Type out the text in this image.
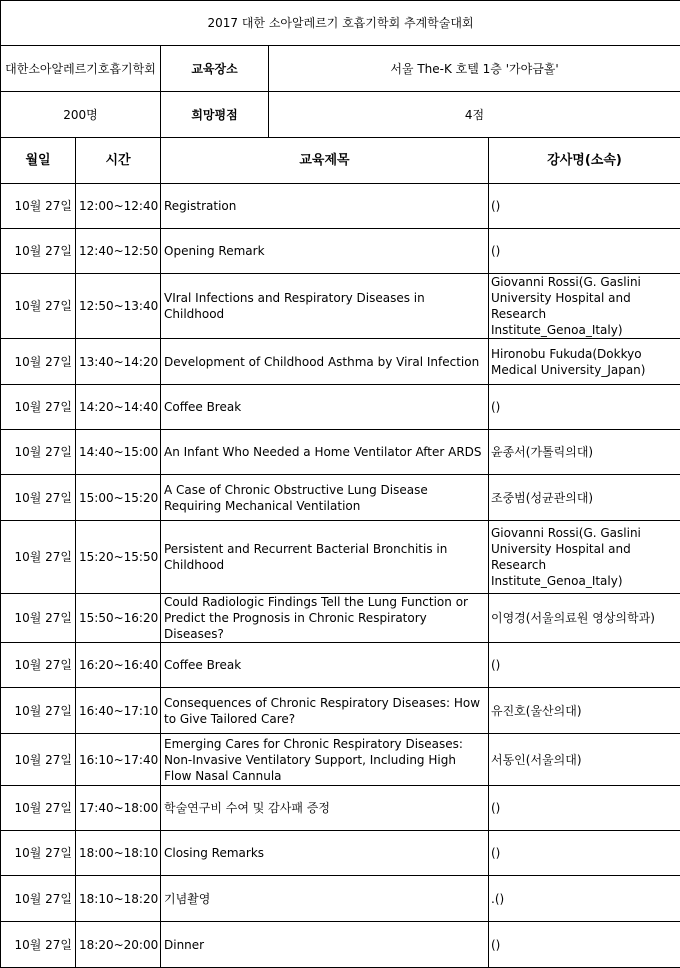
2017 대한 소아알레르기 호흡기학회 추계학술대회				
대한소아알레르기호흡기학회		교육장소	서울 The-K 호텔 1층 '가야금홀'	
200명		희망평점	4점	
월일	시간	교육제목		강사명(소속)
10월 27일	12:00~12:40	Registration		()
10월 27일	12:40~12:50	Opening Remark		()
10월 27일	12:50~13:40	VIral Infections and Respiratory Diseases in Childhood		Giovanni Rossi(G. Gaslini University Hospital and Research Institute_Genoa_Italy)
10월 27일	13:40~14:20	Development of Childhood Asthma by Viral Infection		Hironobu Fukuda(Dokkyo Medical University_Japan)
10월 27일	14:20~14:40	Coffee Break		()
10월 27일	14:40~15:00	An Infant Who Needed a Home Ventilator After ARDS		윤종서(가톨릭의대)
10월 27일	15:00~15:20	A Case of Chronic Obstructive Lung Disease Requiring Mechanical Ventilation		조중범(성균관의대)
10월 27일	15:20~15:50	Persistent and Recurrent Bacterial Bronchitis in Childhood		Giovanni Rossi(G. Gaslini University Hospital and Research Institute_Genoa_Italy)
10월 27일	15:50~16:20	Could Radiologic Findings Tell the Lung Function or Predict the Prognosis in Chronic Respiratory Diseases?		이영경(서울의료원 영상의학과)
10월 27일	16:20~16:40	Coffee Break		()
10월 27일	16:40~17:10	Consequences of Chronic Respiratory Diseases: How to Give Tailored Care?		유진호(울산의대)
10월 27일	16:10~17:40	Emerging Cares for Chronic Respiratory Diseases: Non-Invasive Ventilatory Support, Including High Flow Nasal Cannula		서동인(서울의대)
10월 27일	17:40~18:00	학술연구비 수여 및 감사패 증정		()
10월 27일	18:00~18:10	Closing Remarks		()
10월 27일	18:10~18:20	기념촬영		.()
10월 27일	18:20~20:00	Dinner		()
